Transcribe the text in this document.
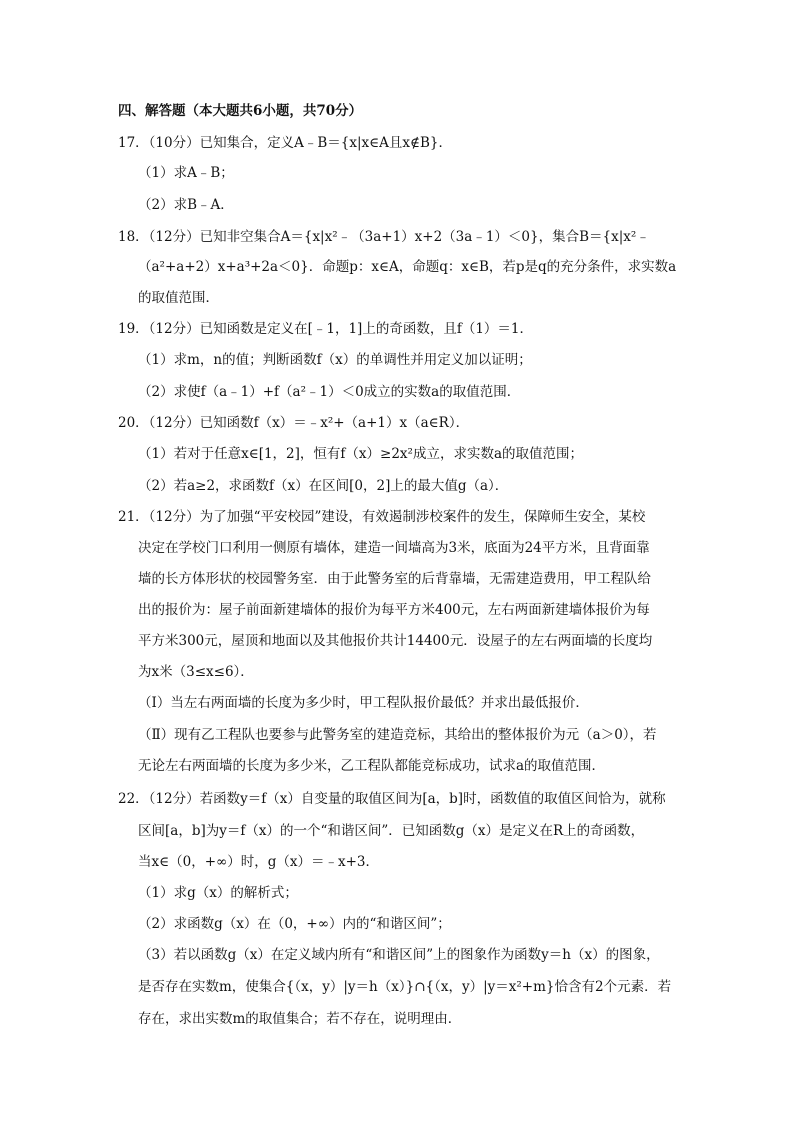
四、解答题（本大题共6小题，共70分）
17．（10分）已知集合，定义A﹣B＝{x|x∈A且x∉B}．
（1）求A﹣B；
（2）求B﹣A．
18．（12分）已知非空集合A＝{x|x²﹣（3a+1）x+2（3a﹣1）＜0}，集合B＝{x|x²﹣
（a²+a+2）x+a³+2a＜0}．命题p：x∈A，命题q：x∈B，若p是q的充分条件，求实数a
的取值范围．
19．（12分）已知函数是定义在[﹣1，1]上的奇函数，且f（1）＝1．
（1）求m，n的值；判断函数f（x）的单调性并用定义加以证明；
（2）求使f（a﹣1）+f（a²﹣1）＜0成立的实数a的取值范围．
20．（12分）已知函数f（x）＝﹣x²+（a+1）x（a∈R）．
（1）若对于任意x∈[1，2]，恒有f（x）≥2x²成立，求实数a的取值范围；
（2）若a≥2，求函数f（x）在区间[0，2]上的最大值g（a）．
21．（12分）为了加强“平安校园”建设，有效遏制涉校案件的发生，保障师生安全，某校
决定在学校门口利用一侧原有墙体，建造一间墙高为3米，底面为24平方米，且背面靠
墙的长方体形状的校园警务室．由于此警务室的后背靠墙，无需建造费用，甲工程队给
出的报价为：屋子前面新建墙体的报价为每平方米400元，左右两面新建墙体报价为每
平方米300元，屋顶和地面以及其他报价共计14400元．设屋子的左右两面墙的长度均
为x米（3≤x≤6）．
（Ⅰ）当左右两面墙的长度为多少时，甲工程队报价最低？并求出最低报价．
（Ⅱ）现有乙工程队也要参与此警务室的建造竞标，其给出的整体报价为元（a＞0），若
无论左右两面墙的长度为多少米，乙工程队都能竞标成功，试求a的取值范围．
22．（12分）若函数y＝f（x）自变量的取值区间为[a，b]时，函数值的取值区间恰为，就称
区间[a，b]为y＝f（x）的一个“和谐区间”．已知函数g（x）是定义在R上的奇函数，
当x∈（0，+∞）时，g（x）＝﹣x+3．
（1）求g（x）的解析式；
（2）求函数g（x）在（0，+∞）内的“和谐区间”；
（3）若以函数g（x）在定义域内所有“和谐区间”上的图象作为函数y＝h（x）的图象，
是否存在实数m，使集合{（x，y）|y＝h（x）}∩{（x，y）|y＝x²+m}恰含有2个元素．若
存在，求出实数m的取值集合；若不存在，说明理由．
